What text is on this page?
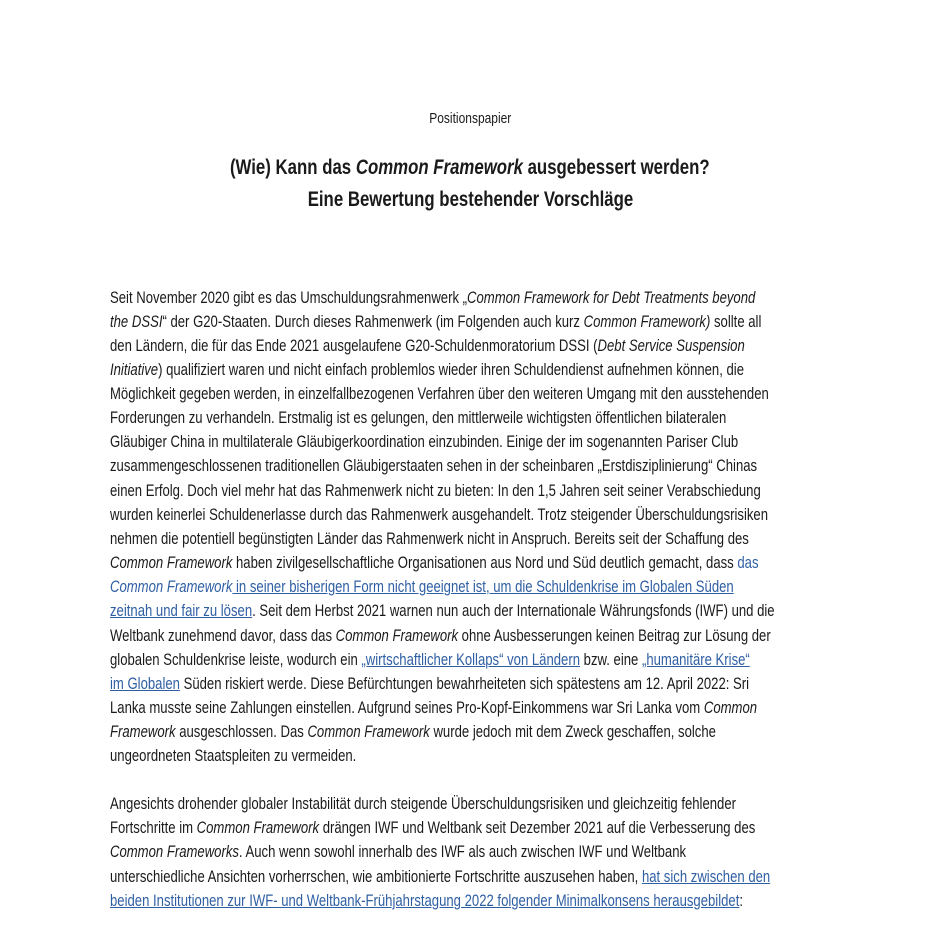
Positionspapier
(Wie) Kann das Common Framework ausgebessert werden?
Eine Bewertung bestehender Vorschläge
Seit November 2020 gibt es das Umschuldungsrahmenwerk „Common Framework for Debt Treatments beyond
the DSSI“ der G20-Staaten. Durch dieses Rahmenwerk (im Folgenden auch kurz Common Framework) sollte all
den Ländern, die für das Ende 2021 ausgelaufene G20-Schuldenmoratorium DSSI (Debt Service Suspension
Initiative) qualifiziert waren und nicht einfach problemlos wieder ihren Schuldendienst aufnehmen können, die
Möglichkeit gegeben werden, in einzelfallbezogenen Verfahren über den weiteren Umgang mit den ausstehenden
Forderungen zu verhandeln. Erstmalig ist es gelungen, den mittlerweile wichtigsten öffentlichen bilateralen
Gläubiger China in multilaterale Gläubigerkoordination einzubinden. Einige der im sogenannten Pariser Club
zusammengeschlossenen traditionellen Gläubigerstaaten sehen in der scheinbaren „Erstdisziplinierung“ Chinas
einen Erfolg. Doch viel mehr hat das Rahmenwerk nicht zu bieten: In den 1,5 Jahren seit seiner Verabschiedung
wurden keinerlei Schuldenerlasse durch das Rahmenwerk ausgehandelt. Trotz steigender Überschuldungsrisiken
nehmen die potentiell begünstigten Länder das Rahmenwerk nicht in Anspruch. Bereits seit der Schaffung des
Common Framework haben zivilgesellschaftliche Organisationen aus Nord und Süd deutlich gemacht, dass das
Common Framework in seiner bisherigen Form nicht geeignet ist, um die Schuldenkrise im Globalen Süden
zeitnah und fair zu lösen. Seit dem Herbst 2021 warnen nun auch der Internationale Währungsfonds (IWF) und die
Weltbank zunehmend davor, dass das Common Framework ohne Ausbesserungen keinen Beitrag zur Lösung der
globalen Schuldenkrise leiste, wodurch ein „wirtschaftlicher Kollaps“ von Ländern bzw. eine „humanitäre Krise“
im Globalen Süden riskiert werde. Diese Befürchtungen bewahrheiteten sich spätestens am 12. April 2022: Sri
Lanka musste seine Zahlungen einstellen. Aufgrund seines Pro-Kopf-Einkommens war Sri Lanka vom Common
Framework ausgeschlossen. Das Common Framework wurde jedoch mit dem Zweck geschaffen, solche
ungeordneten Staatspleiten zu vermeiden.
Angesichts drohender globaler Instabilität durch steigende Überschuldungsrisiken und gleichzeitig fehlender
Fortschritte im Common Framework drängen IWF und Weltbank seit Dezember 2021 auf die Verbesserung des
Common Frameworks. Auch wenn sowohl innerhalb des IWF als auch zwischen IWF und Weltbank
unterschiedliche Ansichten vorherrschen, wie ambitionierte Fortschritte auszusehen haben, hat sich zwischen den
beiden Institutionen zur IWF- und Weltbank-Frühjahrstagung 2022 folgender Minimalkonsens herausgebildet:
